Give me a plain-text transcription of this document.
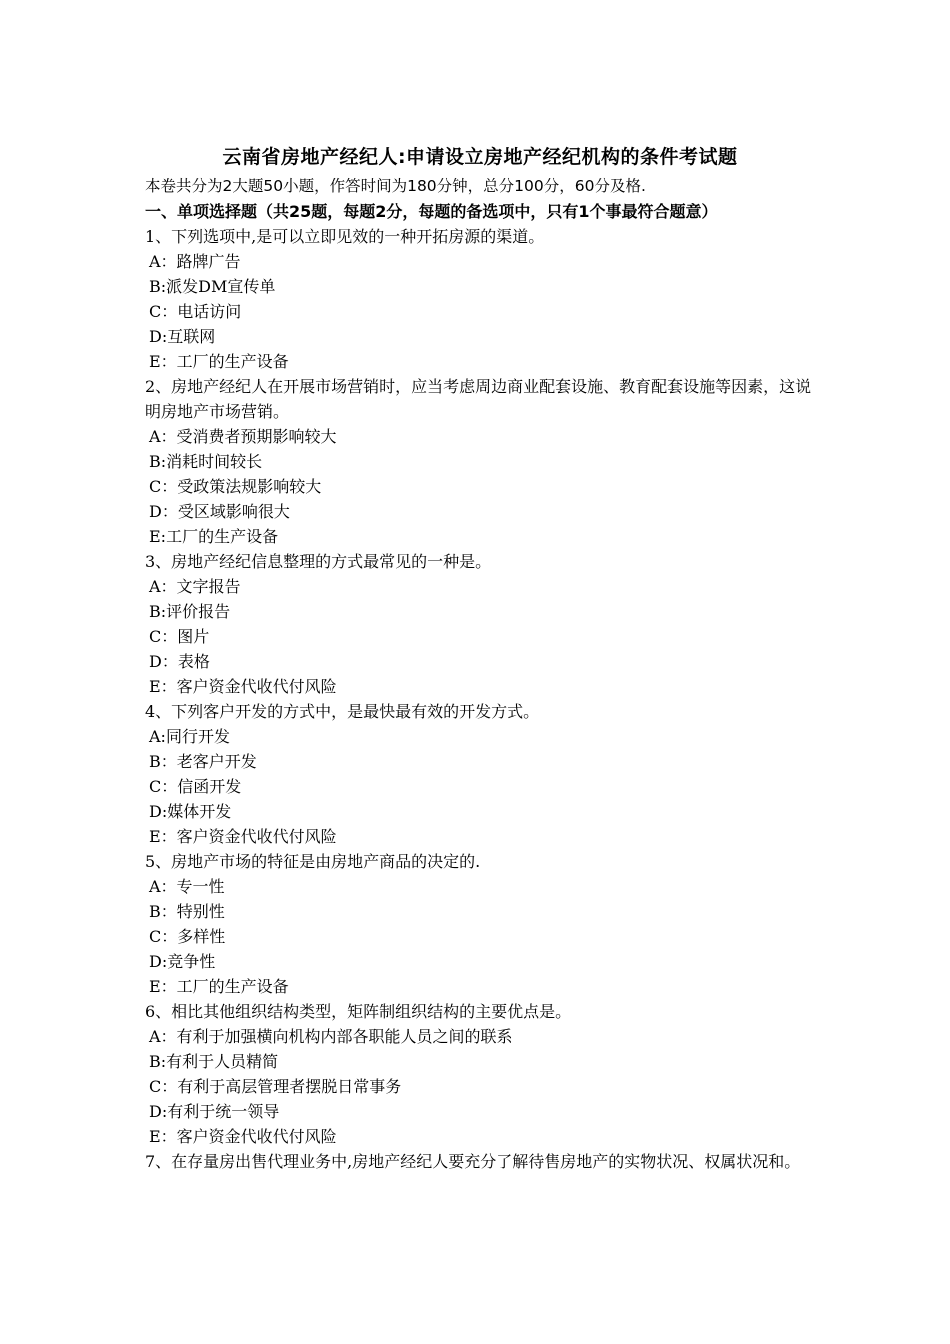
云南省房地产经纪人:申请设立房地产经纪机构的条件考试题

本卷共分为2大题50小题，作答时间为180分钟，总分100分，60分及格.

一、单项选择题（共25题，每题2分，每题的备选项中，只有1个事最符合题意）

1、下列选项中,是可以立即见效的一种开拓房源的渠道。

A：路牌广告

B:派发DM宣传单

C：电话访问

D:互联网

E：工厂的生产设备

2、房地产经纪人在开展市场营销时，应当考虑周边商业配套设施、教育配套设施等因素，这说明房地产市场营销。

A：受消费者预期影响较大

B:消耗时间较长

C：受政策法规影响较大

D：受区域影响很大

E:工厂的生产设备

3、房地产经纪信息整理的方式最常见的一种是。

A：文字报告

B:评价报告

C：图片

D：表格

E：客户资金代收代付风险

4、下列客户开发的方式中，是最快最有效的开发方式。

A:同行开发

B：老客户开发

C：信函开发

D:媒体开发

E：客户资金代收代付风险

5、房地产市场的特征是由房地产商品的决定的.

A：专一性

B：特别性

C：多样性

D:竞争性

E：工厂的生产设备

6、相比其他组织结构类型，矩阵制组织结构的主要优点是。

A：有利于加强横向机构内部各职能人员之间的联系

B:有利于人员精简

C：有利于高层管理者摆脱日常事务

D:有利于统一领导

E：客户资金代收代付风险

7、在存量房出售代理业务中,房地产经纪人要充分了解待售房地产的实物状况、权属状况和。
